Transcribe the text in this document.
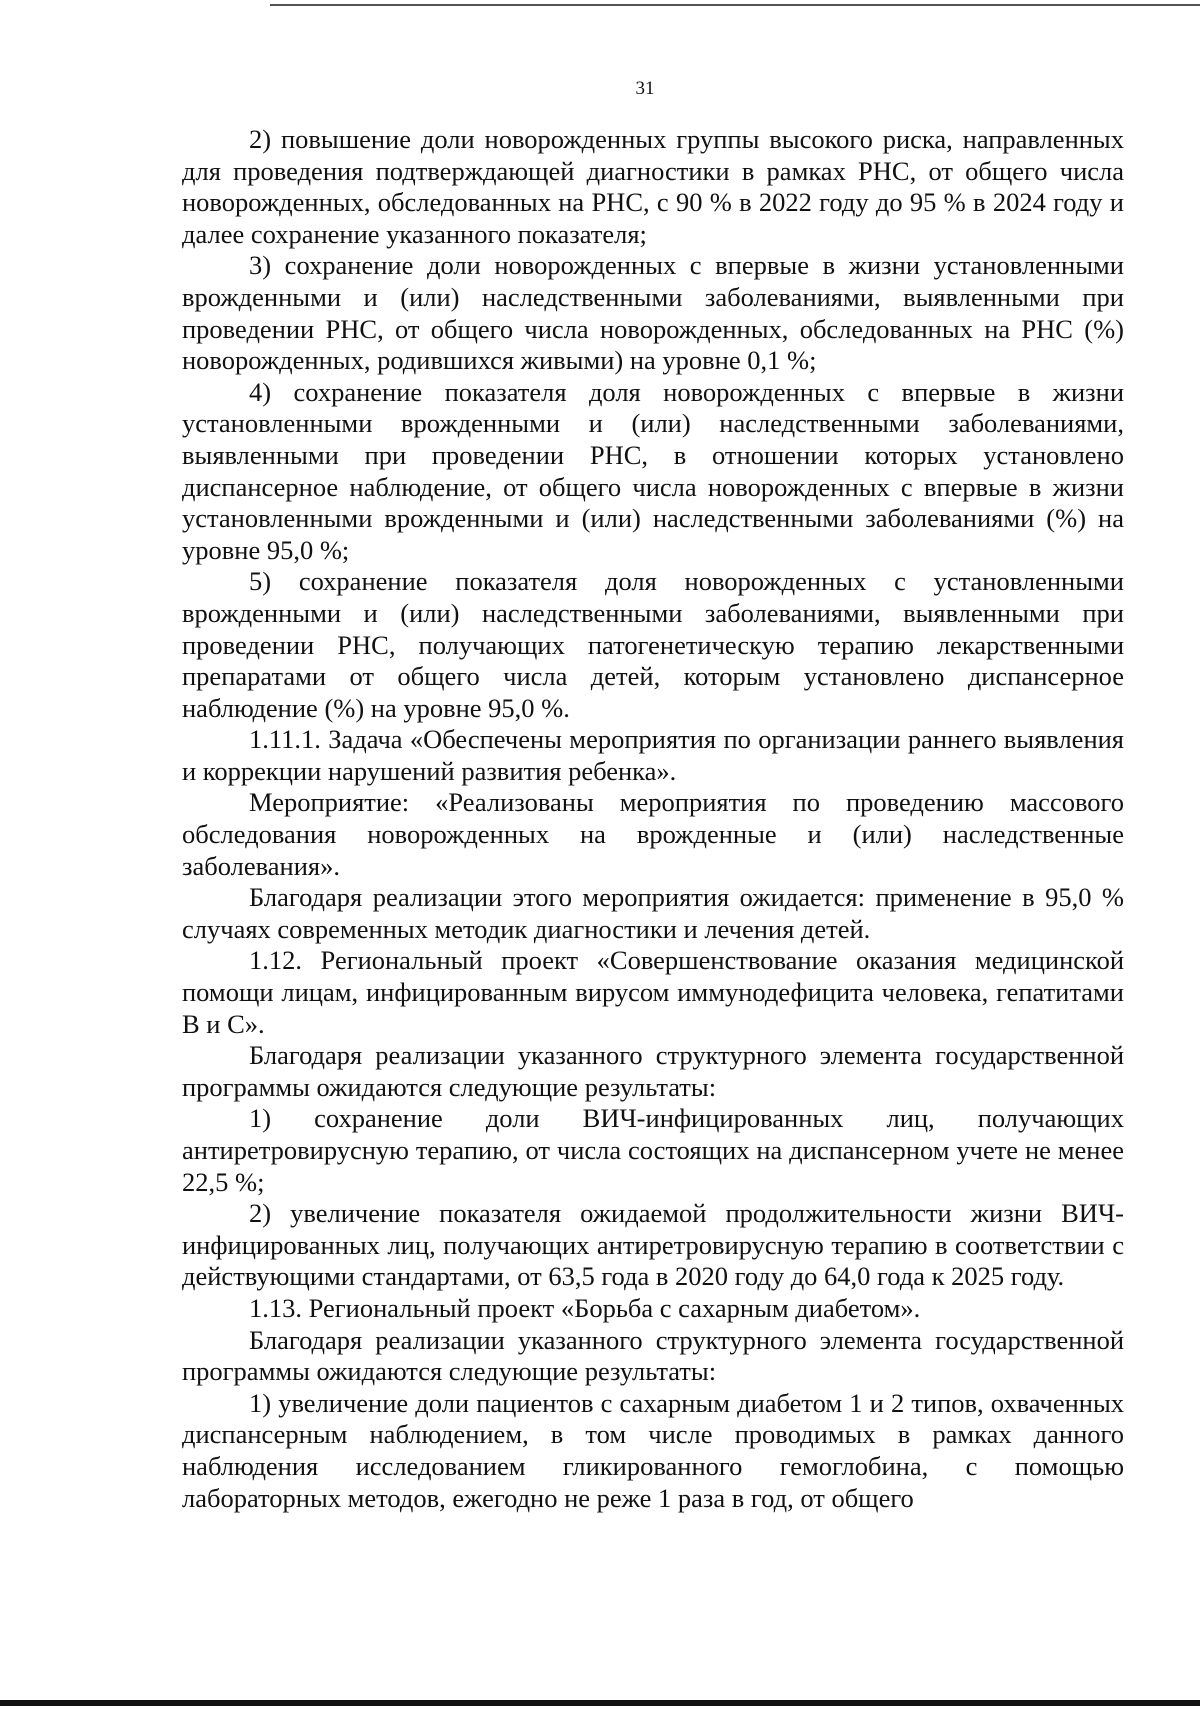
31

2) повышение доли новорожденных группы высокого риска, направленных для проведения подтверждающей диагностики в рамках РНС, от общего числа новорожденных, обследованных на РНС, с 90 % в 2022 году до 95 % в 2024 году и далее сохранение указанного показателя;

3) сохранение доли новорожденных с впервые в жизни установленными врожденными и (или) наследственными заболеваниями, выявленными при проведении РНС, от общего числа новорожденных, обследованных на РНС (%) новорожденных, родившихся живыми) на уровне 0,1 %;

4) сохранение показателя доля новорожденных с впервые в жизни установленными врожденными и (или) наследственными заболеваниями, выявленными при проведении РНС, в отношении которых установлено диспансерное наблюдение, от общего числа новорожденных с впервые в жизни установленными врожденными и (или) наследственными заболеваниями (%) на уровне 95,0 %;

5) сохранение показателя доля новорожденных с установленными врожденными и (или) наследственными заболеваниями, выявленными при проведении РНС, получающих патогенетическую терапию лекарственными препаратами от общего числа детей, которым установлено диспансерное наблюдение (%) на уровне 95,0 %.

1.11.1. Задача «Обеспечены мероприятия по организации раннего выявления и коррекции нарушений развития ребенка».

Мероприятие: «Реализованы мероприятия по проведению массового обследования новорожденных на врожденные и (или) наследственные заболевания».

Благодаря реализации этого мероприятия ожидается: применение в 95,0 % случаях современных методик диагностики и лечения детей.

1.12. Региональный проект «Совершенствование оказания медицинской помощи лицам, инфицированным вирусом иммунодефицита человека, гепатитами В и С».

Благодаря реализации указанного структурного элемента государственной программы ожидаются следующие результаты:

1) сохранение доли ВИЧ-инфицированных лиц, получающих антиретровирусную терапию, от числа состоящих на диспансерном учете не менее 22,5 %;

2) увеличение показателя ожидаемой продолжительности жизни ВИЧ-инфицированных лиц, получающих антиретровирусную терапию в соответствии с действующими стандартами, от 63,5 года в 2020 году до 64,0 года к 2025 году.

1.13. Региональный проект «Борьба с сахарным диабетом».

Благодаря реализации указанного структурного элемента государственной программы ожидаются следующие результаты:

1) увеличение доли пациентов с сахарным диабетом 1 и 2 типов, охваченных диспансерным наблюдением, в том числе проводимых в рамках данного наблюдения исследованием гликированного гемоглобина, с помощью лабораторных методов, ежегодно не реже 1 раза в год, от общего
